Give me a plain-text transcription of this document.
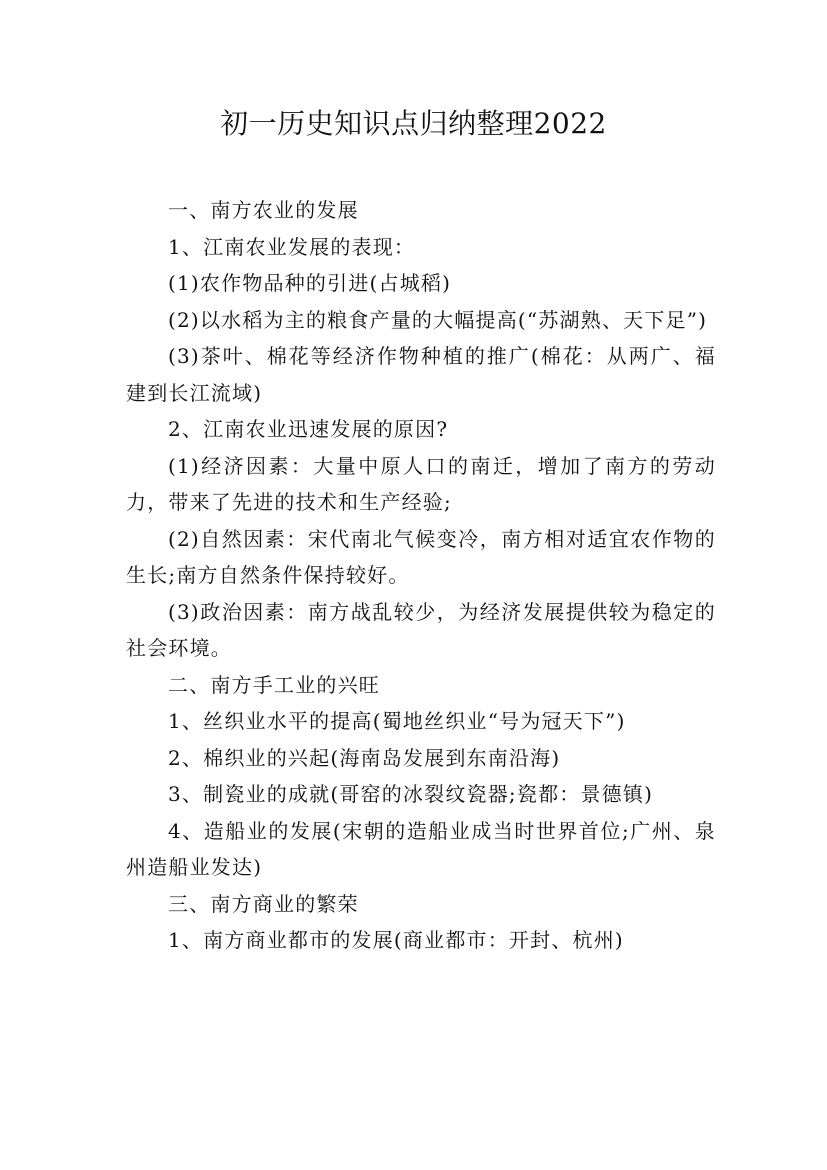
初一历史知识点归纳整理2022

一、南方农业的发展

1、江南农业发展的表现：

(1)农作物品种的引进(占城稻)

(2)以水稻为主的粮食产量的大幅提高(“苏湖熟、天下足”)

(3)茶叶、棉花等经济作物种植的推广(棉花：从两广、福建到长江流域)

2、江南农业迅速发展的原因?

(1)经济因素：大量中原人口的南迁，增加了南方的劳动力，带来了先进的技术和生产经验;

(2)自然因素：宋代南北气候变冷，南方相对适宜农作物的生长;南方自然条件保持较好。

(3)政治因素：南方战乱较少，为经济发展提供较为稳定的社会环境。

二、南方手工业的兴旺

1、丝织业水平的提高(蜀地丝织业“号为冠天下”)

2、棉织业的兴起(海南岛发展到东南沿海)

3、制瓷业的成就(哥窑的冰裂纹瓷器;瓷都：景德镇)

4、造船业的发展(宋朝的造船业成当时世界首位;广州、泉州造船业发达)

三、南方商业的繁荣

1、南方商业都市的发展(商业都市：开封、杭州)
